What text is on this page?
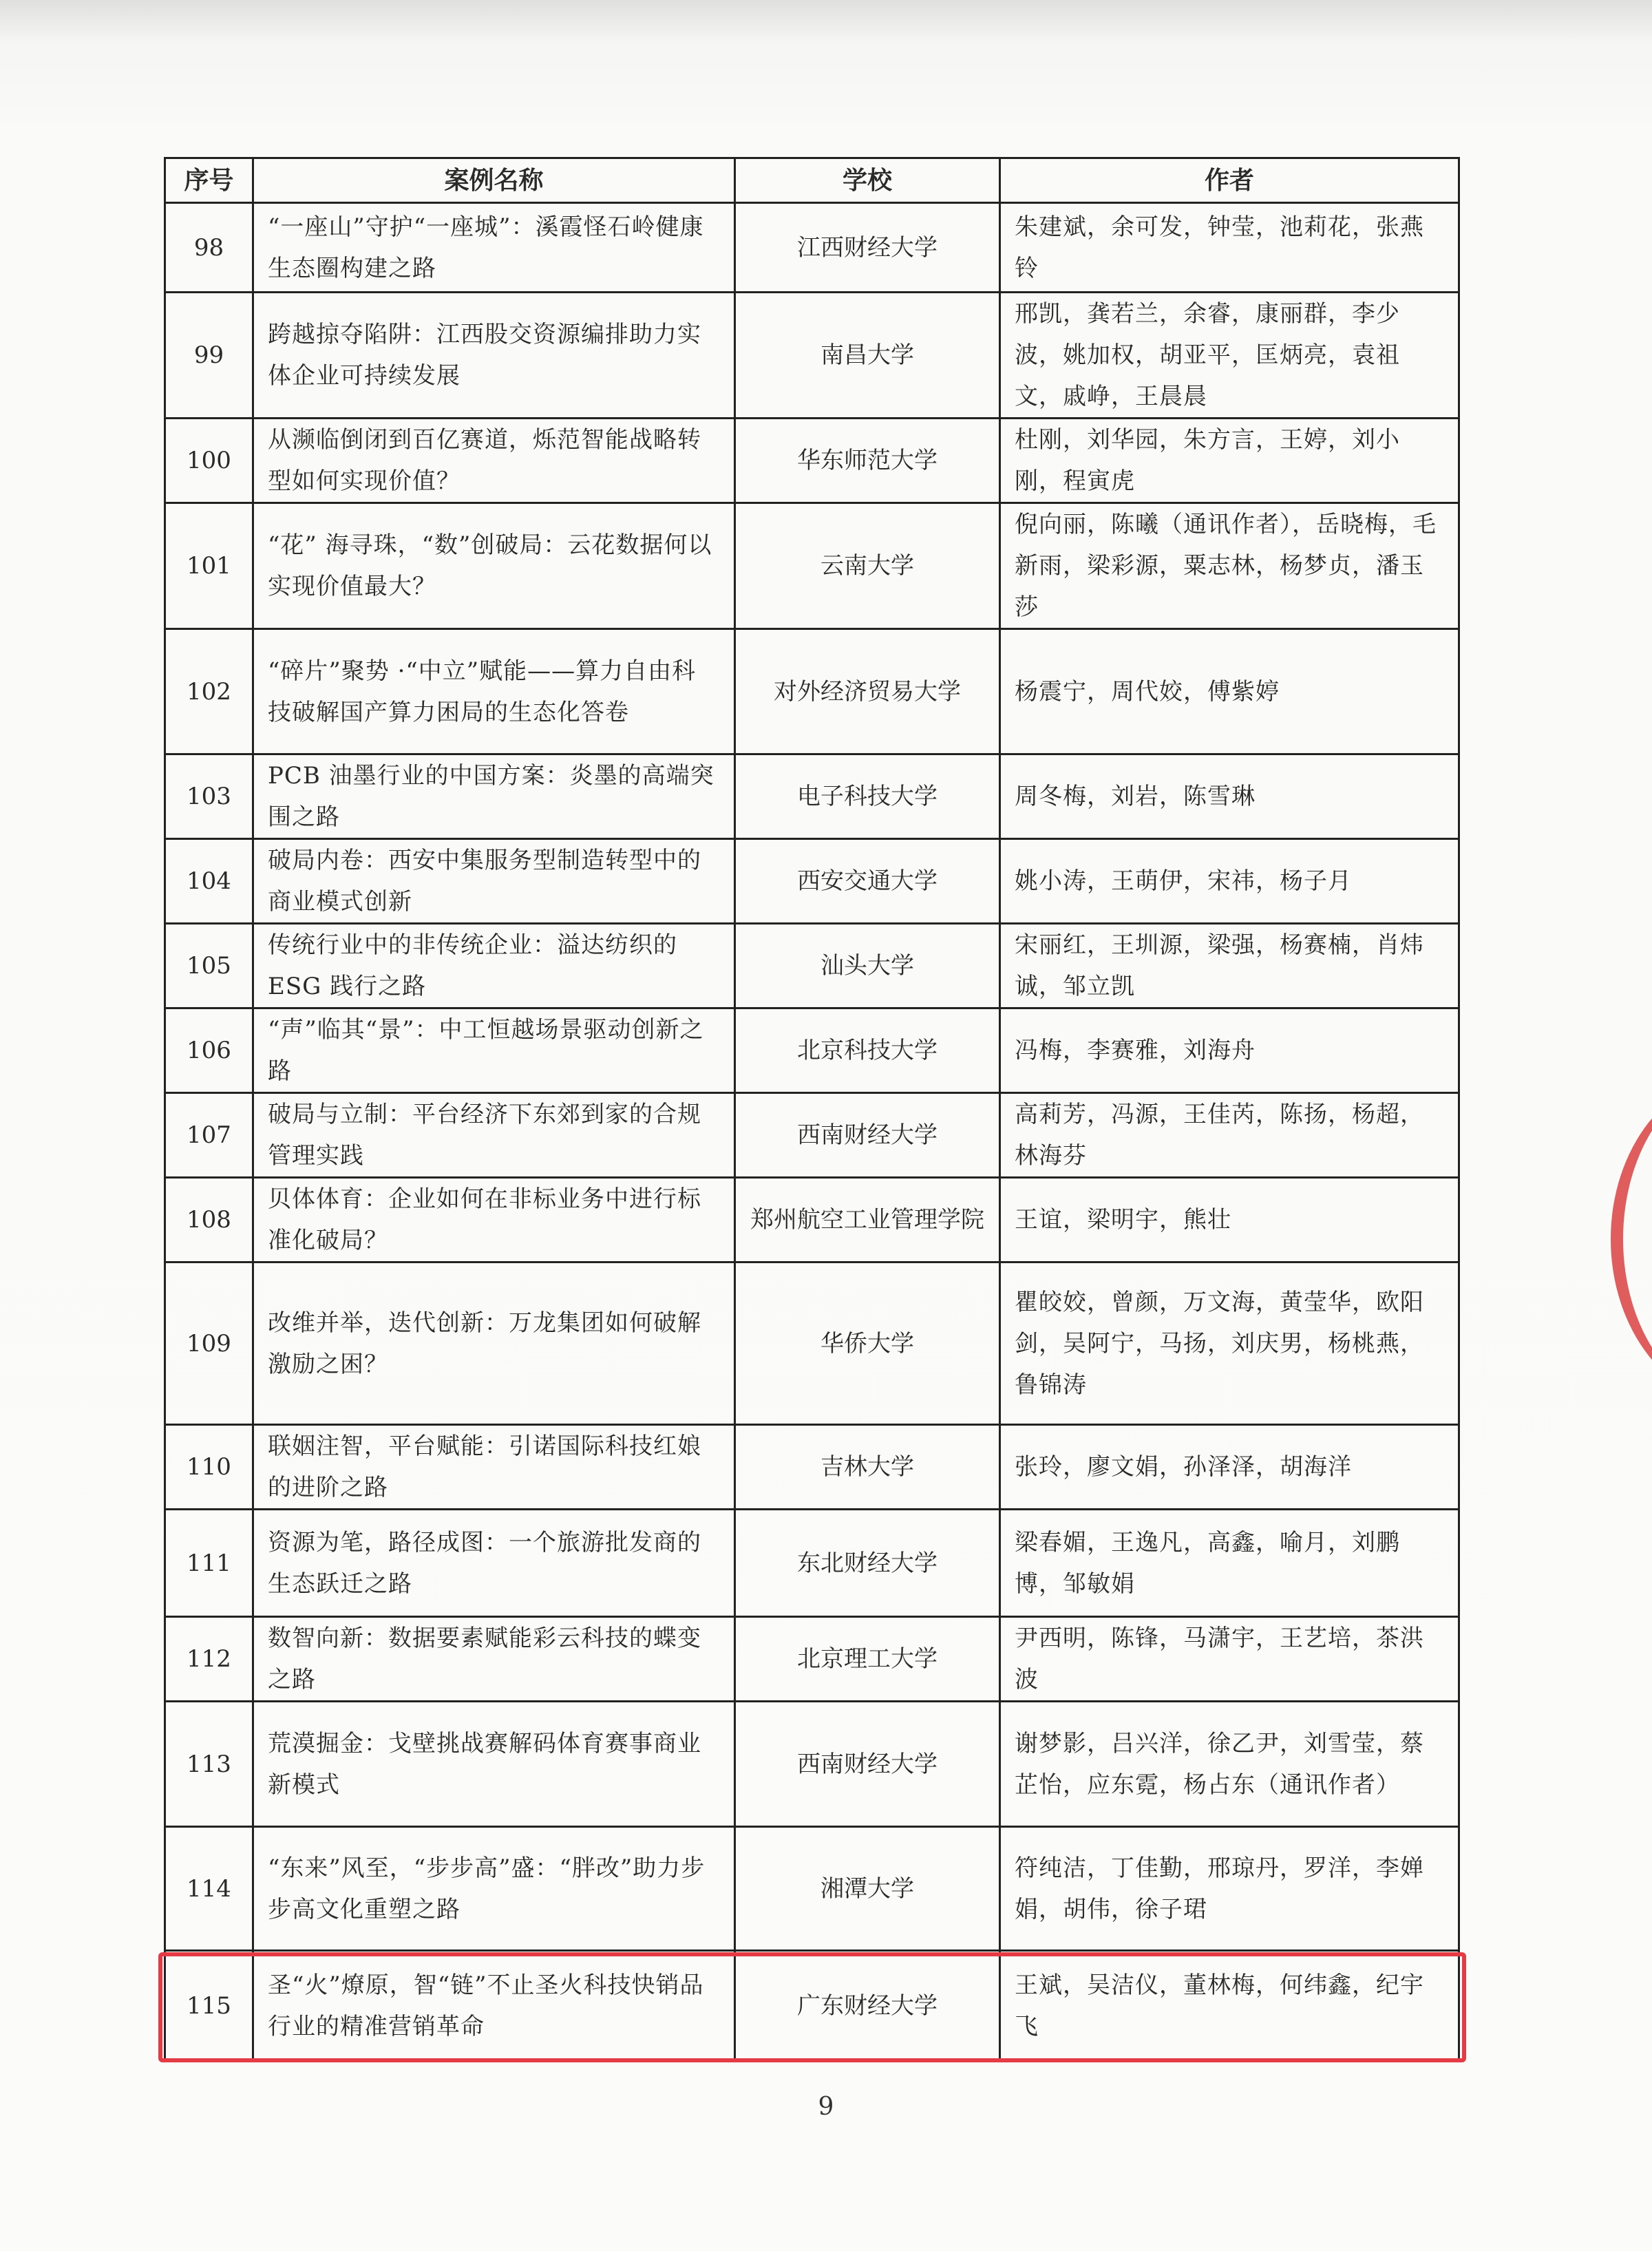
序号	案例名称	学校	作者
98	“一座山”守护“一座城”：溪霞怪石岭健康生态圈构建之路	江西财经大学	朱建斌，余可发，钟莹，池莉花，张燕铃
99	跨越掠夺陷阱：江西股交资源编排助力实体企业可持续发展	南昌大学	邢凯，龚若兰，余睿，康丽群，李少波，姚加权，胡亚平，匡炳亮，袁祖文，戚峥，王晨晨
100	从濒临倒闭到百亿赛道，烁范智能战略转型如何实现价值？	华东师范大学	杜刚，刘华园，朱方言，王婷，刘小刚，程寅虎
101	“花” 海寻珠，“数”创破局：云花数据何以实现价值最大？	云南大学	倪向丽，陈曦（通讯作者），岳晓梅，毛新雨，梁彩源，粟志林，杨梦贞，潘玉莎
102	“碎片”聚势 ·“中立”赋能——算力自由科技破解国产算力困局的生态化答卷	对外经济贸易大学	杨震宁，周代姣，傅紫婷
103	PCB 油墨行业的中国方案：炎墨的高端突围之路	电子科技大学	周冬梅，刘岩，陈雪琳
104	破局内卷：西安中集服务型制造转型中的商业模式创新	西安交通大学	姚小涛，王萌伊，宋祎，杨子月
105	传统行业中的非传统企业：溢达纺织的ESG 践行之路	汕头大学	宋丽红，王圳源，梁强，杨赛楠，肖炜诚，邹立凯
106	“声”临其“景”：中工恒越场景驱动创新之路	北京科技大学	冯梅，李赛雅，刘海舟
107	破局与立制：平台经济下东郊到家的合规管理实践	西南财经大学	高莉芳，冯源，王佳芮，陈扬，杨超，林海芬
108	贝体体育：企业如何在非标业务中进行标准化破局？	郑州航空工业管理学院	王谊，梁明宇，熊壮
109	改维并举，迭代创新：万龙集团如何破解激励之困？	华侨大学	瞿皎姣，曾颜，万文海，黄莹华，欧阳剑，吴阿宁，马扬，刘庆男，杨桃燕，鲁锦涛
110	联姻注智，平台赋能：引诺国际科技红娘的进阶之路	吉林大学	张玲，廖文娟，孙泽泽，胡海洋
111	资源为笔，路径成图：一个旅游批发商的生态跃迁之路	东北财经大学	梁春媚，王逸凡，高鑫，喻月，刘鹏博，邹敏娟
112	数智向新：数据要素赋能彩云科技的蝶变之路	北京理工大学	尹西明，陈锋，马潇宇，王艺培，茶洪波
113	荒漠掘金：戈壁挑战赛解码体育赛事商业新模式	西南财经大学	谢梦影，吕兴洋，徐乙尹，刘雪莹，蔡芷怡，应东霓，杨占东（通讯作者）
114	“东来”风至，“步步高”盛：“胖改”助力步步高文化重塑之路	湘潭大学	符纯洁，丁佳勤，邢琼丹，罗洋，李婵娟，胡伟，徐子珺
115	圣“火”燎原，智“链”不止圣火科技快销品行业的精准营销革命	广东财经大学	王斌，吴洁仪，董林梅，何纬鑫，纪宇飞
9
